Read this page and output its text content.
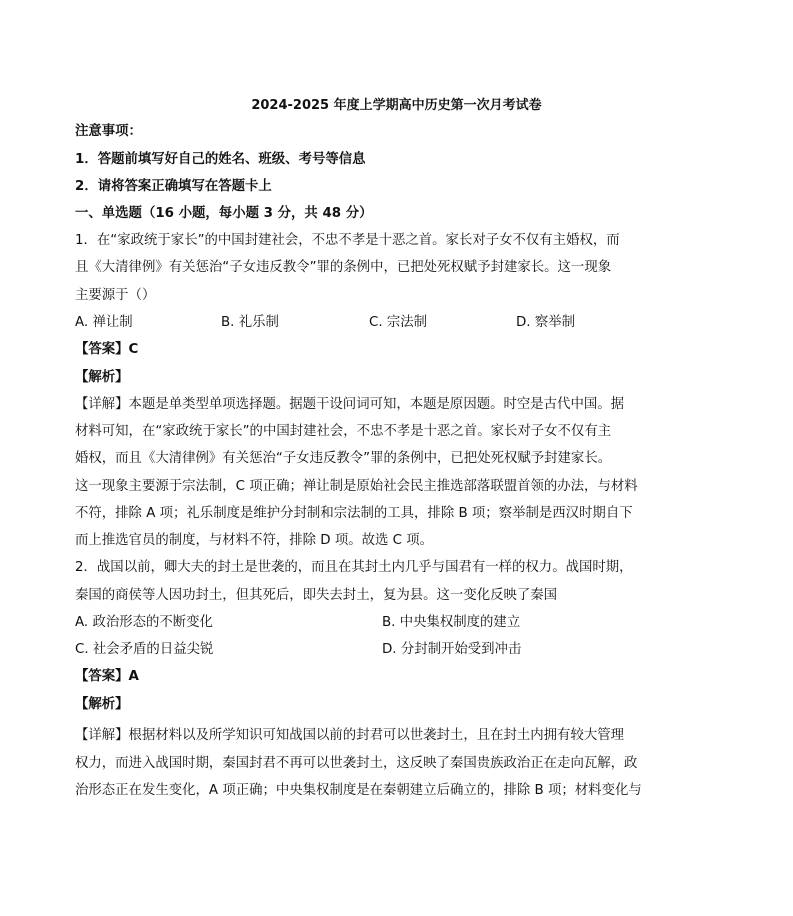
2024-2025 年度上学期高中历史第一次月考试卷
注意事项：
1．答题前填写好自己的姓名、班级、考号等信息
2．请将答案正确填写在答题卡上
一、单选题（16 小题，每小题 3 分，共 48 分）
1．在“家政统于家长”的中国封建社会，不忠不孝是十恶之首。家长对子女不仅有主婚权，而
且《大清律例》有关惩治“子女违反教令”罪的条例中，已把处死权赋予封建家长。这一现象
主要源于（）
A. 禅让制	B. 礼乐制	C. 宗法制	D. 察举制
【答案】C
【解析】
【详解】本题是单类型单项选择题。据题干设问词可知，本题是原因题。时空是古代中国。据
材料可知，在“家政统于家长”的中国封建社会，不忠不孝是十恶之首。家长对子女不仅有主
婚权，而且《大清律例》有关惩治“子女违反教令”罪的条例中，已把处死权赋予封建家长。
这一现象主要源于宗法制，C 项正确；禅让制是原始社会民主推选部落联盟首领的办法，与材料
不符，排除 A 项；礼乐制度是维护分封制和宗法制的工具，排除 B 项；察举制是西汉时期自下
而上推选官员的制度，与材料不符，排除 D 项。故选 C 项。
2．战国以前，卿大夫的封土是世袭的，而且在其封土内几乎与国君有一样的权力。战国时期，
秦国的商侯等人因功封土，但其死后，即失去封土，复为县。这一变化反映了秦国
A. 政治形态的不断变化	B. 中央集权制度的建立
C. 社会矛盾的日益尖锐	D. 分封制开始受到冲击
【答案】A
【解析】
【详解】根据材料以及所学知识可知战国以前的封君可以世袭封土，且在封土内拥有较大管理
权力，而进入战国时期，秦国封君不再可以世袭封土，这反映了秦国贵族政治正在走向瓦解，政
治形态正在发生变化，A 项正确；中央集权制度是在秦朝建立后确立的，排除 B 项；材料变化与
